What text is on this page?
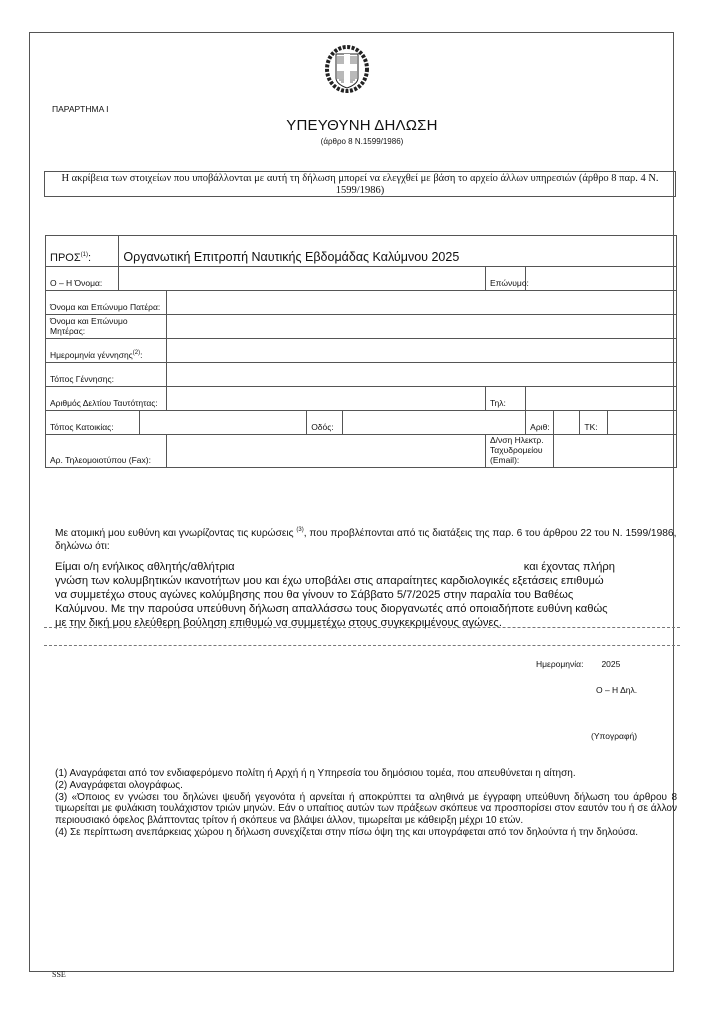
ΠΑΡΑΡΤΗΜΑ Ι
ΥΠΕΥΘΥΝΗ ΔΗΛΩΣΗ
(άρθρο 8 Ν.1599/1986)
Η ακρίβεια των στοιχείων που υποβάλλονται με αυτή τη δήλωση μπορεί να ελεγχθεί με βάση το αρχείο άλλων υπηρεσιών (άρθρο 8 παρ. 4 Ν. 1599/1986)
ΠΡΟΣ$^{(1)}$:	Οργανωτική Επιτροπή Ναυτικής Εβδομάδας Καλύμνου 2025									
Ο – Η Όνομα:						Επώνυμο:				
Όνομα και Επώνυμο Πατέρα:										
Όνομα και Επώνυμο Μητέρας:										
Ημερομηνία γέννησης$^{(2)}$:										
Τόπος Γέννησης:										
Αριθμός Δελτίου Ταυτότητας:						Τηλ:				
Τόπος Κατοικίας:				Οδός:			Αριθ:		ΤΚ:	
Αρ. Τηλεομοιοτύπου (Fax):						Δ/νση Ηλεκτρ.
Ταχυδρομείου
(Email):				

Με ατομική μου ευθύνη και γνωρίζοντας τις κυρώσεις $^{(3)}$, που προβλέπονται από τις διατάξεις της παρ. 6 του άρθρου 22 του Ν. 1599/1986, δηλώνω ότι:
Είμαι ο/η ενήλικος αθλητής/αθλήτρια	και έχοντας πλήρη
γνώση των κολυμβητικών ικανοτήτων μου και έχω υποβάλει στις απαραίτητες καρδιολογικές εξετάσεις επιθυμώ
να συμμετέχω στους αγώνες κολύμβησης που θα γίνουν το Σάββατο 5/7/2025 στην παραλία του Βαθέως
Καλύμνου. Με την παρούσα υπεύθυνη δήλωση απαλλάσσω τους διοργανωτές από οποιαδήποτε ευθύνη καθώς
με την δική μου ελεύθερη βούληση επιθυμώ να συμμετέχω στους συγκεκριμένους αγώνες.
Ημερομηνία: 2025
Ο – Η Δηλ.
(Υπογραφή)

(1) Αναγράφεται από τον ενδιαφερόμενο πολίτη ή Αρχή ή η Υπηρεσία του δημόσιου τομέα, που απευθύνεται η αίτηση.

(2) Αναγράφεται ολογράφως.

(3) «Όποιος εν γνώσει του δηλώνει ψευδή γεγονότα ή αρνείται ή αποκρύπτει τα αληθινά με έγγραφη υπεύθυνη δήλωση του άρθρου 8 τιμωρείται με φυλάκιση τουλάχιστον τριών μηνών. Εάν ο υπαίτιος αυτών των πράξεων σκόπευε να προσπορίσει στον εαυτόν του ή σε άλλον περιουσιακό όφελος βλάπτοντας τρίτον ή σκόπευε να βλάψει άλλον, τιμωρείται με κάθειρξη μέχρι 10 ετών.

(4) Σε περίπτωση ανεπάρκειας χώρου η δήλωση συνεχίζεται στην πίσω όψη της και υπογράφεται από τον δηλούντα ή την δηλούσα.

SSE
